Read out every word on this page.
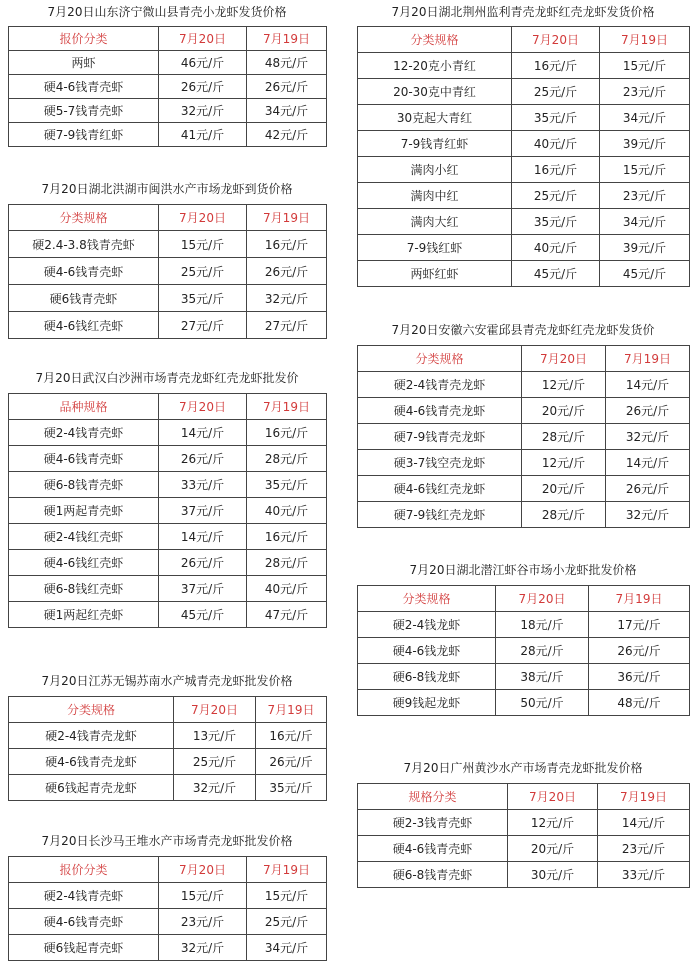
7月20日山东济宁微山县青壳小龙虾发货价格
报价分类	7月20日	7月19日
两虾	46元/斤	48元/斤
硬4-6钱青壳虾	26元/斤	26元/斤
硬5-7钱青壳虾	32元/斤	34元/斤
硬7-9钱青红虾	41元/斤	42元/斤
7月20日湖北洪湖市闽洪水产市场龙虾到货价格
分类规格	7月20日	7月19日
硬2.4-3.8钱青壳虾	15元/斤	16元/斤
硬4-6钱青壳虾	25元/斤	26元/斤
硬6钱青壳虾	35元/斤	32元/斤
硬4-6钱红壳虾	27元/斤	27元/斤
7月20日武汉白沙洲市场青壳龙虾红壳龙虾批发价
品种规格	7月20日	7月19日
硬2-4钱青壳虾	14元/斤	16元/斤
硬4-6钱青壳虾	26元/斤	28元/斤
硬6-8钱青壳虾	33元/斤	35元/斤
硬1两起青壳虾	37元/斤	40元/斤
硬2-4钱红壳虾	14元/斤	16元/斤
硬4-6钱红壳虾	26元/斤	28元/斤
硬6-8钱红壳虾	37元/斤	40元/斤
硬1两起红壳虾	45元/斤	47元/斤
7月20日江苏无锡苏南水产城青壳龙虾批发价格
分类规格	7月20日	7月19日
硬2-4钱青壳龙虾	13元/斤	16元/斤
硬4-6钱青壳龙虾	25元/斤	26元/斤
硬6钱起青壳龙虾	32元/斤	35元/斤
7月20日长沙马王堆水产市场青壳龙虾批发价格
报价分类	7月20日	7月19日
硬2-4钱青壳虾	15元/斤	15元/斤
硬4-6钱青壳虾	23元/斤	25元/斤
硬6钱起青壳虾	32元/斤	34元/斤
7月20日湖北荆州监利青壳龙虾红壳龙虾发货价格
分类规格	7月20日	7月19日
12-20克小青红	16元/斤	15元/斤
20-30克中青红	25元/斤	23元/斤
30克起大青红	35元/斤	34元/斤
7-9钱青红虾	40元/斤	39元/斤
满肉小红	16元/斤	15元/斤
满肉中红	25元/斤	23元/斤
满肉大红	35元/斤	34元/斤
7-9钱红虾	40元/斤	39元/斤
两虾红虾	45元/斤	45元/斤
7月20日安徽六安霍邱县青壳龙虾红壳龙虾发货价
分类规格	7月20日	7月19日
硬2-4钱青壳龙虾	12元/斤	14元/斤
硬4-6钱青壳龙虾	20元/斤	26元/斤
硬7-9钱青壳龙虾	28元/斤	32元/斤
硬3-7钱空壳龙虾	12元/斤	14元/斤
硬4-6钱红壳龙虾	20元/斤	26元/斤
硬7-9钱红壳龙虾	28元/斤	32元/斤
7月20日湖北潜江虾谷市场小龙虾批发价格
分类规格	7月20日	7月19日
硬2-4钱龙虾	18元/斤	17元/斤
硬4-6钱龙虾	28元/斤	26元/斤
硬6-8钱龙虾	38元/斤	36元/斤
硬9钱起龙虾	50元/斤	48元/斤
7月20日广州黄沙水产市场青壳龙虾批发价格
规格分类	7月20日	7月19日
硬2-3钱青壳虾	12元/斤	14元/斤
硬4-6钱青壳虾	20元/斤	23元/斤
硬6-8钱青壳虾	30元/斤	33元/斤
